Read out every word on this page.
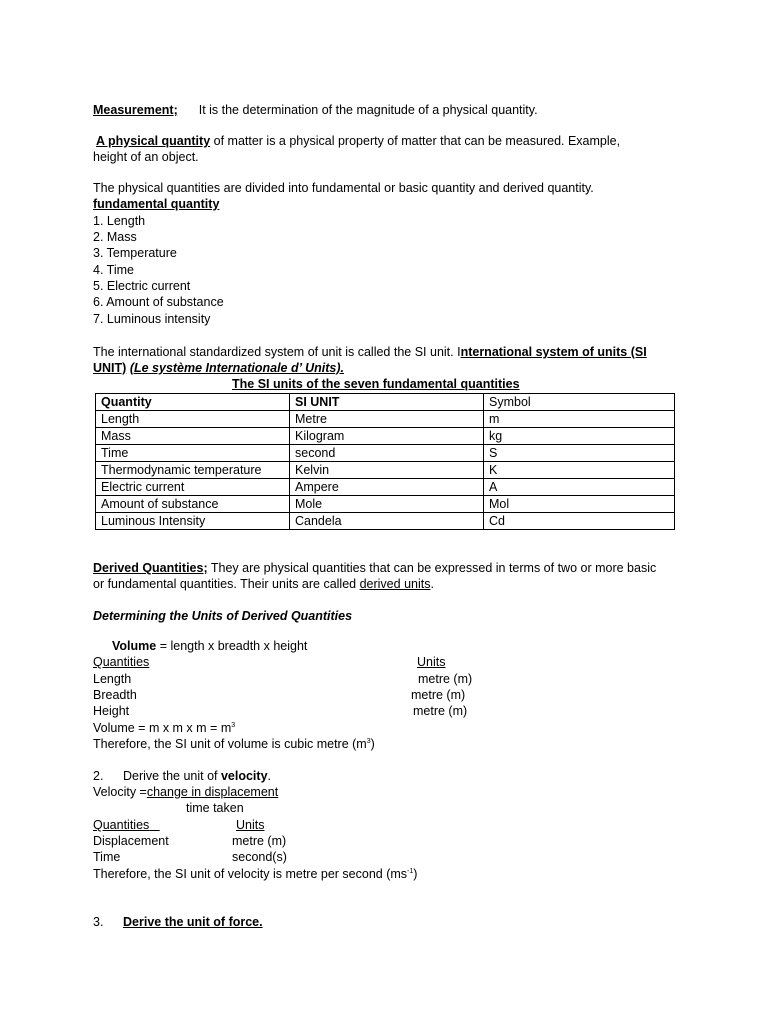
Measurement; It is the determination of the magnitude of a physical quantity.
A physical quantity of matter is a physical property of matter that can be measured. Example,
height of an object.
The physical quantities are divided into fundamental or basic quantity and derived quantity.
fundamental quantity
1. Length
2. Mass
3. Temperature
4. Time
5. Electric current
6. Amount of substance
7. Luminous intensity
The international standardized system of unit is called the SI unit. International system of units (SI
UNIT) (Le système Internationale d’ Units).
The SI units of the seven fundamental quantities
Quantity	SI UNIT	Symbol
Length	Metre	m
Mass	Kilogram	kg
Time	second	S
Thermodynamic temperature	Kelvin	K
Electric current	Ampere	A
Amount of substance	Mole	Mol
Luminous Intensity	Candela	Cd
Derived Quantities; They are physical quantities that can be expressed in terms of two or more basic
or fundamental quantities. Their units are called derived units.
Determining the Units of Derived Quantities
Volume = length x breadth x height
Quantities	Units
Length	metre (m)
Breadth	metre (m)
Height	metre (m)
Volume = m x m x $m = m^3$
Therefore, the SI unit of volume is cubic metre $(m^3)$
2. Derive the unit of velocity.
Velocity =change in displacement
time taken
Quantities	Units
Displacement	metre (m)
Time	second(s)
Therefore, the SI unit of velocity is metre per second $(ms^{-1})$
3. Derive the unit of force.
